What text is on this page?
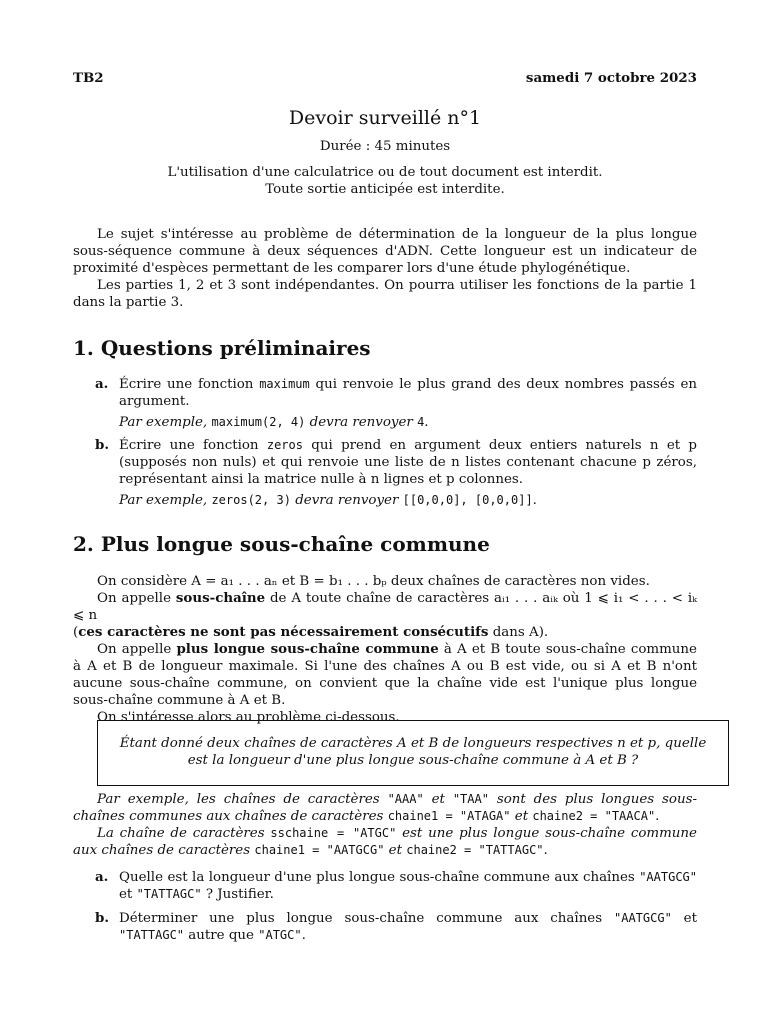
TB2	samedi 7 octobre 2023
Devoir surveillé n°1
Durée : 45 minutes
L'utilisation d'une calculatrice ou de tout document est interdit.
Toute sortie anticipée est interdite.

Le sujet s'intéresse au problème de détermination de la longueur de la plus longue sous-séquence commune à deux séquences d'ADN. Cette longueur est un indicateur de proximité d'espèces permettant de les comparer lors d'une étude phylogénétique.

Les parties 1, 2 et 3 sont indépendantes. On pourra utiliser les fonctions de la partie 1 dans la partie 3.

1. Questions préliminaires
a. Écrire une fonction maximum qui renvoie le plus grand des deux nombres passés en argument.
Par exemple, maximum(2, 4) devra renvoyer 4.
b. Écrire une fonction zeros qui prend en argument deux entiers naturels n et p (supposés non nuls) et qui renvoie une liste de n listes contenant chacune p zéros, représentant ainsi la matrice nulle à n lignes et p colonnes.
Par exemple, zeros(2, 3) devra renvoyer [[0,0,0], [0,0,0]].
2. Plus longue sous-chaîne commune

On considère A = a₁ . . . aₙ et B = b₁ . . . bₚ deux chaînes de caractères non vides.

On appelle sous-chaîne de A toute chaîne de caractères aᵢ₁ . . . aᵢₖ où 1 ⩽ i₁ < . . . < iₖ ⩽ n

(ces caractères ne sont pas nécessairement consécutifs dans A).

On appelle plus longue sous-chaîne commune à A et B toute sous-chaîne commune à A et B de longueur maximale. Si l'une des chaînes A ou B est vide, ou si A et B n'ont aucune sous-chaîne commune, on convient que la chaîne vide est l'unique plus longue sous-chaîne commune à A et B.

On s'intéresse alors au problème ci-dessous.

Étant donné deux chaînes de caractères A et B de longueurs respectives n et p, quelle est la longueur d'une plus longue sous-chaîne commune à A et B ?

Par exemple, les chaînes de caractères "AAA" et "TAA" sont des plus longues sous-chaînes communes aux chaînes de caractères chaine1 = "ATAGA" et chaine2 = "TAACA".

La chaîne de caractères sschaine = "ATGC" est une plus longue sous-chaîne commune aux chaînes de caractères chaine1 = "AATGCG" et chaine2 = "TATTAGC".

a. Quelle est la longueur d'une plus longue sous-chaîne commune aux chaînes "AATGCG" et "TATTAGC" ? Justifier.
b. Déterminer une plus longue sous-chaîne commune aux chaînes "AATGCG" et "TATTAGC" autre que "ATGC".
